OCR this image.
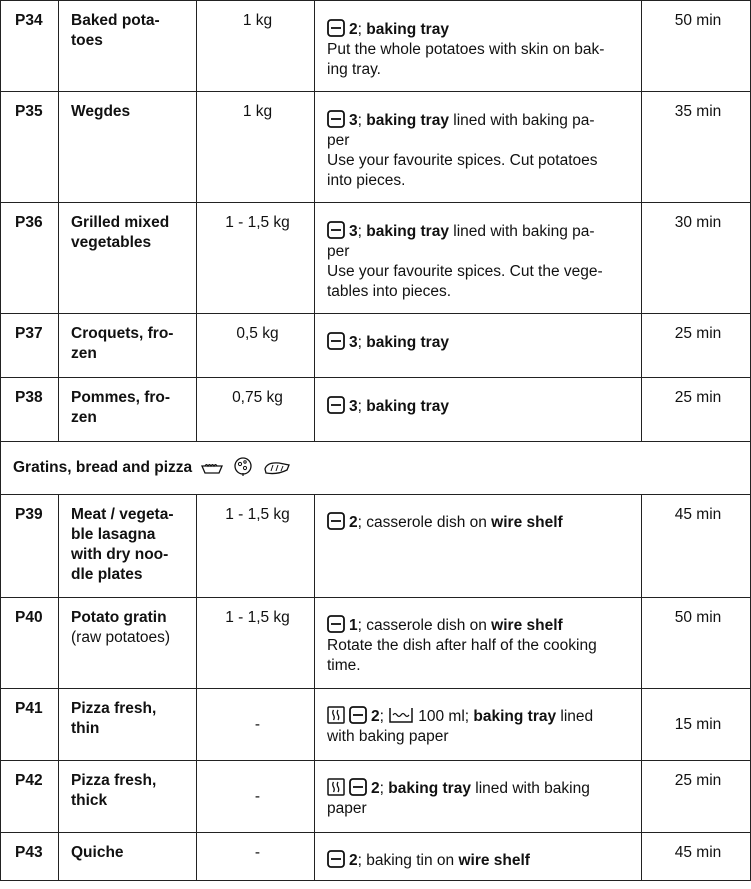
P34	Baked pota-
toes	1 kg	2; baking tray
Put the whole potatoes with skin on bak-
ing tray.	50 min
P35	Wegdes	1 kg	3; baking tray lined with baking pa-
per
Use your favourite spices. Cut potatoes
into pieces.	35 min
P36	Grilled mixed
vegetables	1 - 1,5 kg	3; baking tray lined with baking pa-
per
Use your favourite spices. Cut the vege-
tables into pieces.	30 min
P37	Croquets, fro-
zen	0,5 kg	3; baking tray	25 min
P38	Pommes, fro-
zen	0,75 kg	3; baking tray	25 min
Gratins, bread and pizza				
P39	Meat / vegeta-
ble lasagna
with dry noo-
dle plates	1 - 1,5 kg	2; casserole dish on wire shelf	45 min
P40	Potato gratin
(raw potatoes)	1 - 1,5 kg	1; casserole dish on wire shelf
Rotate the dish after half of the cooking
time.	50 min
P41	Pizza fresh,
thin	-	2; 100 ml; baking tray lined
with baking paper	15 min
P42	Pizza fresh,
thick	-	2; baking tray lined with baking
paper	25 min
P43	Quiche	-	2; baking tin on wire shelf	45 min
